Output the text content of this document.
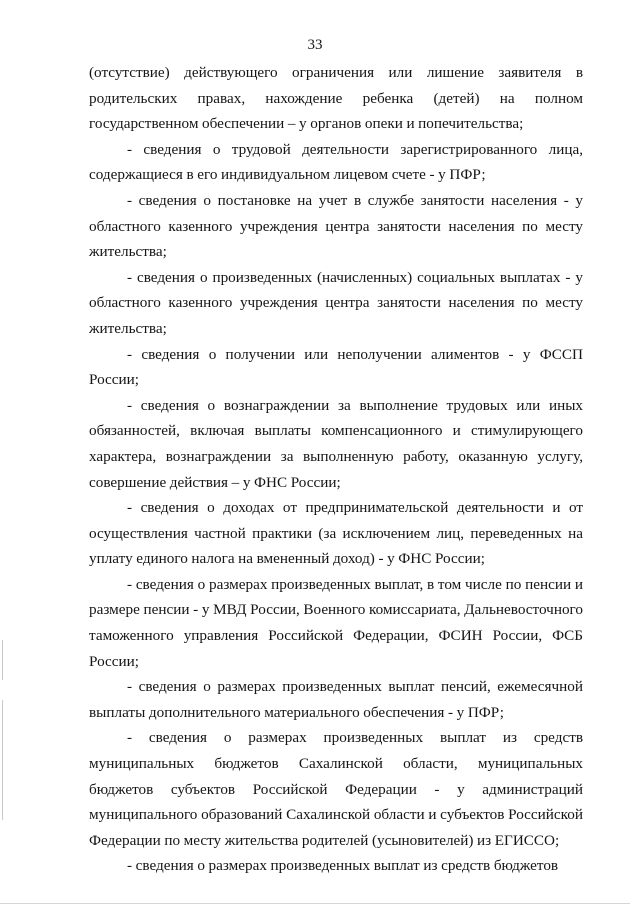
33

(отсутствие) действующего ограничения или лишение заявителя в родительских правах, нахождение ребенка (детей) на полном государственном обеспечении – у органов опеки и попечительства;

- сведения о трудовой деятельности зарегистрированного лица, содержащиеся в его индивидуальном лицевом счете - у ПФР;

- сведения о постановке на учет в службе занятости населения - у областного казенного учреждения центра занятости населения по месту жительства;

- сведения о произведенных (начисленных) социальных выплатах - у областного казенного учреждения центра занятости населения по месту жительства;

- сведения о получении или неполучении алиментов - у ФССП России;

- сведения о вознаграждении за выполнение трудовых или иных обязанностей, включая выплаты компенсационного и стимулирующего характера, вознаграждении за выполненную работу, оказанную услугу, совершение действия – у ФНС России;

- сведения о доходах от предпринимательской деятельности и от осуществления частной практики (за исключением лиц, переведенных на уплату единого налога на вмененный доход) - у ФНС России;

- сведения о размерах произведенных выплат, в том числе по пенсии и размере пенсии - у МВД России, Военного комиссариата, Дальневосточного таможенного управления Российской Федерации, ФСИН России, ФСБ России;

- сведения о размерах произведенных выплат пенсий, ежемесячной выплаты дополнительного материального обеспечения - у ПФР;

- сведения о размерах произведенных выплат из средств муниципальных бюджетов Сахалинской области, муниципальных бюджетов субъектов Российской Федерации - у администраций муниципального образований Сахалинской области и субъектов Российской Федерации по месту жительства родителей (усыновителей) из ЕГИССО;

- сведения о размерах произведенных выплат из средств бюджетов
